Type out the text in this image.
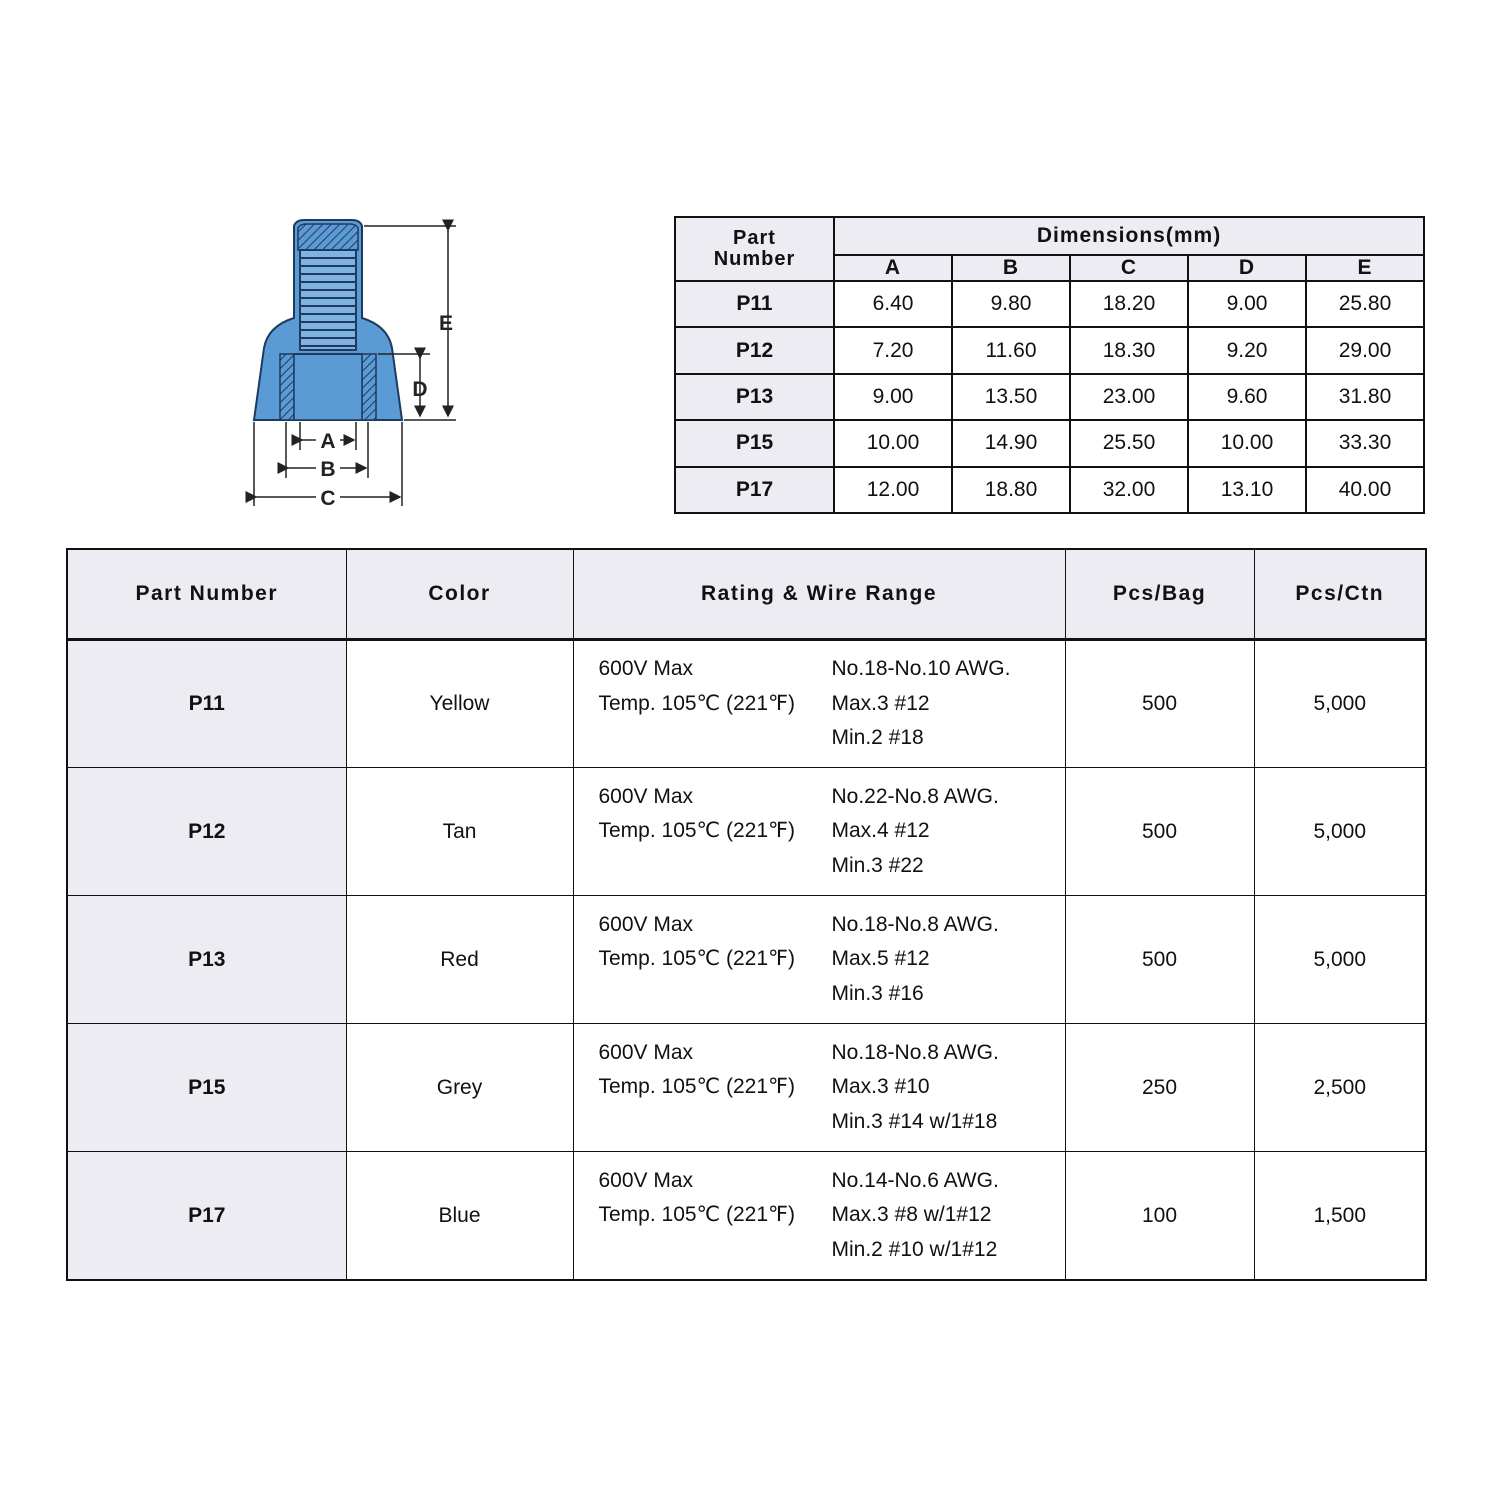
E
D
A
B
C
Part
Number	Dimensions(mm)				
	A	B	C	D	E
P11	6.40	9.80	18.20	9.00	25.80
P12	7.20	11.60	18.30	9.20	29.00
P13	9.00	13.50	23.00	9.60	31.80
P15	10.00	14.90	25.50	10.00	33.30
P17	12.00	18.80	32.00	13.10	40.00
Part Number	Color	Rating & Wire Range	Pcs/Bag	Pcs/Ctn
P11	Yellow	600V Max
Temp. 105℃ (221℉)
No.18-No.10 AWG.
Max.3 #12
Min.2 #18	500	5,000
P12	Tan	600V Max
Temp. 105℃ (221℉)
No.22-No.8 AWG.
Max.4 #12
Min.3 #22	500	5,000
P13	Red	600V Max
Temp. 105℃ (221℉)
No.18-No.8 AWG.
Max.5 #12
Min.3 #16	500	5,000
P15	Grey	600V Max
Temp. 105℃ (221℉)
No.18-No.8 AWG.
Max.3 #10
Min.3 #14 w/1#18	250	2,500
P17	Blue	600V Max
Temp. 105℃ (221℉)
No.14-No.6 AWG.
Max.3 #8 w/1#12
Min.2 #10 w/1#12	100	1,500
